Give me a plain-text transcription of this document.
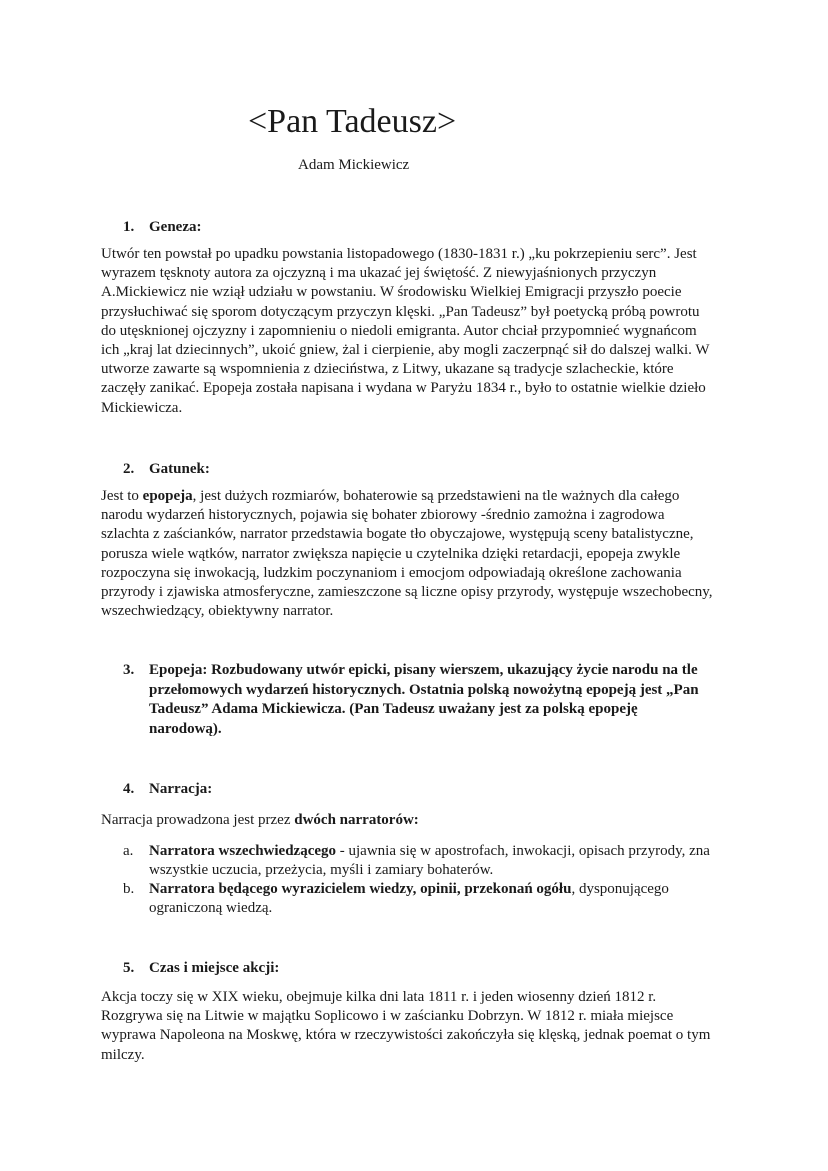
<Pan Tadeusz>
Adam Mickiewicz
1. Geneza:
Utwór ten powstał po upadku powstania listopadowego (1830-1831 r.) „ku pokrzepieniu serc”. Jest
wyrazem tęsknoty autora za ojczyzną i ma ukazać jej świętość. Z niewyjaśnionych przyczyn
A.Mickiewicz nie wziął udziału w powstaniu. W środowisku Wielkiej Emigracji przyszło poecie
przysłuchiwać się sporom dotyczącym przyczyn klęski. „Pan Tadeusz” był poetycką próbą powrotu
do utęsknionej ojczyzny i zapomnieniu o niedoli emigranta. Autor chciał przypomnieć wygnańcom
ich „kraj lat dziecinnych”, ukoić gniew, żal i cierpienie, aby mogli zaczerpnąć sił do dalszej walki. W
utworze zawarte są wspomnienia z dzieciństwa, z Litwy, ukazane są tradycje szlacheckie, które
zaczęły zanikać. Epopeja została napisana i wydana w Paryżu 1834 r., było to ostatnie wielkie dzieło
Mickiewicza.
2. Gatunek:
Jest to epopeja, jest dużych rozmiarów, bohaterowie są przedstawieni na tle ważnych dla całego
narodu wydarzeń historycznych, pojawia się bohater zbiorowy -średnio zamożna i zagrodowa
szlachta z zaścianków, narrator przedstawia bogate tło obyczajowe, występują sceny batalistyczne,
porusza wiele wątków, narrator zwiększa napięcie u czytelnika dzięki retardacji, epopeja zwykle
rozpoczyna się inwokacją, ludzkim poczynaniom i emocjom odpowiadają określone zachowania
przyrody i zjawiska atmosferyczne, zamieszczone są liczne opisy przyrody, występuje wszechobecny,
wszechwiedzący, obiektywny narrator.
3. Epopeja: Rozbudowany utwór epicki, pisany wierszem, ukazujący życie narodu na tle
przełomowych wydarzeń historycznych. Ostatnia polską nowożytną epopeją jest „Pan
Tadeusz” Adama Mickiewicza. (Pan Tadeusz uważany jest za polską epopeję
narodową).
4. Narracja:
Narracja prowadzona jest przez dwóch narratorów:
a. Narratora wszechwiedzącego - ujawnia się w apostrofach, inwokacji, opisach przyrody, zna
wszystkie uczucia, przeżycia, myśli i zamiary bohaterów.
b. Narratora będącego wyrazicielem wiedzy, opinii, przekonań ogółu, dysponującego
ograniczoną wiedzą.
5. Czas i miejsce akcji:
Akcja toczy się w XIX wieku, obejmuje kilka dni lata 1811 r. i jeden wiosenny dzień 1812 r.
Rozgrywa się na Litwie w majątku Soplicowo i w zaścianku Dobrzyn. W 1812 r. miała miejsce
wyprawa Napoleona na Moskwę, która w rzeczywistości zakończyła się klęską, jednak poemat o tym
milczy.
